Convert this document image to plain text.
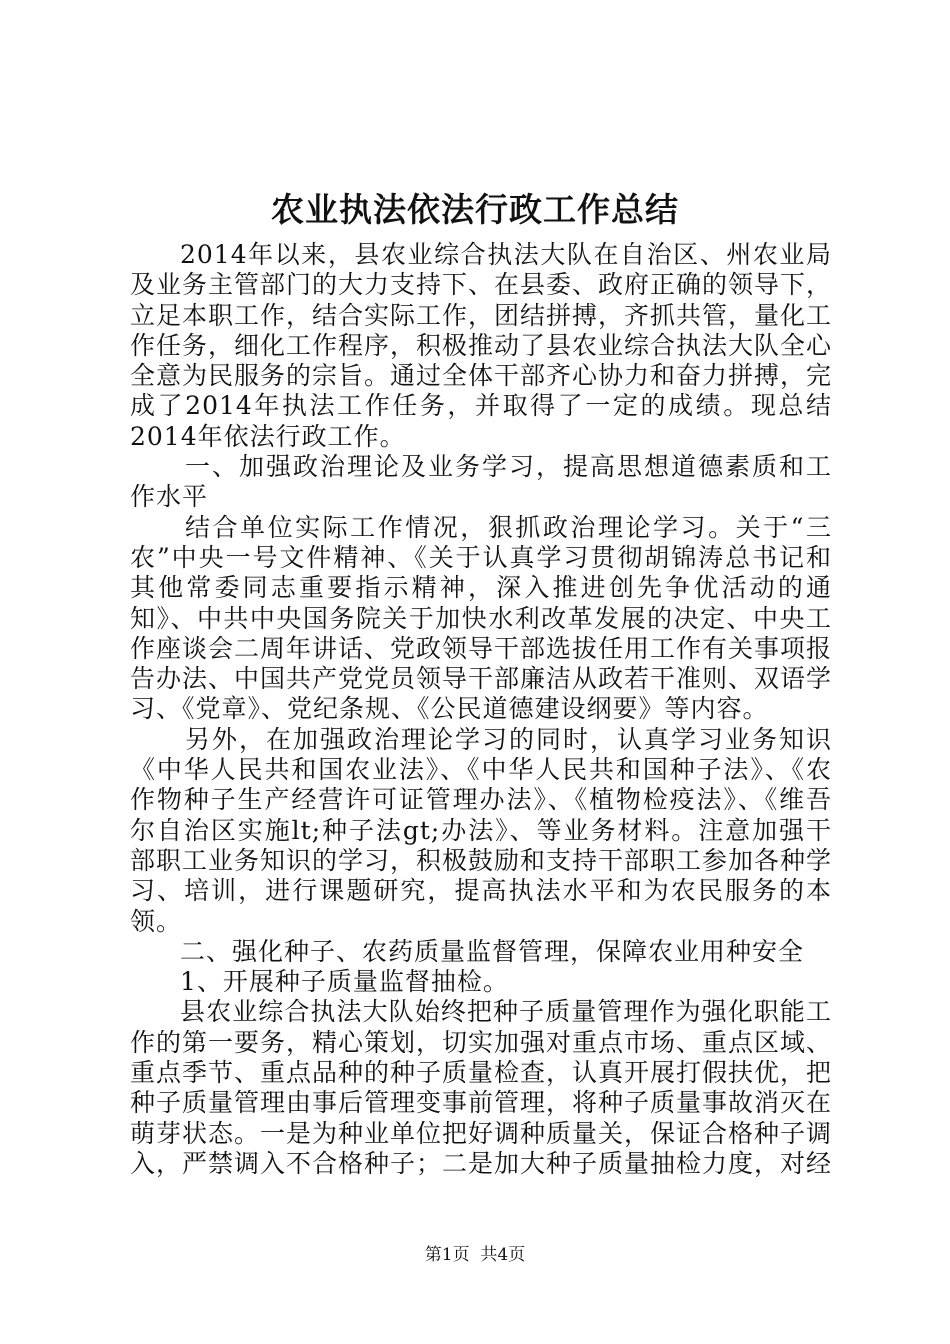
农业执法依法行政工作总结

2014年以来，县农业综合执法大队在自治区、州农业局及业务主管部门的大力支持下、在县委、政府正确的领导下，立足本职工作，结合实际工作，团结拼搏，齐抓共管，量化工作任务，细化工作程序，积极推动了县农业综合执法大队全心全意为民服务的宗旨。通过全体干部齐心协力和奋力拼搏，完成了2014年执法工作任务，并取得了一定的成绩。现总结2014年依法行政工作。

一、加强政治理论及业务学习，提高思想道德素质和工作水平

结合单位实际工作情况，狠抓政治理论学习。关于“三农”中央一号文件精神、《关于认真学习贯彻胡锦涛总书记和其他常委同志重要指示精神，深入推进创先争优活动的通知》、中共中央国务院关于加快水利改革发展的决定、中央工作座谈会二周年讲话、党政领导干部选拔任用工作有关事项报告办法、中国共产党党员领导干部廉洁从政若干准则、双语学习、《党章》、党纪条规、《公民道德建设纲要》等内容。

另外，在加强政治理论学习的同时，认真学习业务知识《中华人民共和国农业法》、《中华人民共和国种子法》、《农作物种子生产经营许可证管理办法》、《植物检疫法》、《维吾尔自治区实施lt;种子法gt;办法》、等业务材料。注意加强干部职工业务知识的学习，积极鼓励和支持干部职工参加各种学习、培训，进行课题研究，提高执法水平和为农民服务的本领。

二、强化种子、农药质量监督管理，保障农业用种安全

1、开展种子质量监督抽检。

县农业综合执法大队始终把种子质量管理作为强化职能工作的第一要务，精心策划，切实加强对重点市场、重点区域、重点季节、重点品种的种子质量检查，认真开展打假扶优，把种子质量管理由事后管理变事前管理，将种子质量事故消灭在萌芽状态。一是为种业单位把好调种质量关，保证合格种子调入，严禁调入不合格种子；二是加大种子质量抽检力度，对经

第1页 共4页
